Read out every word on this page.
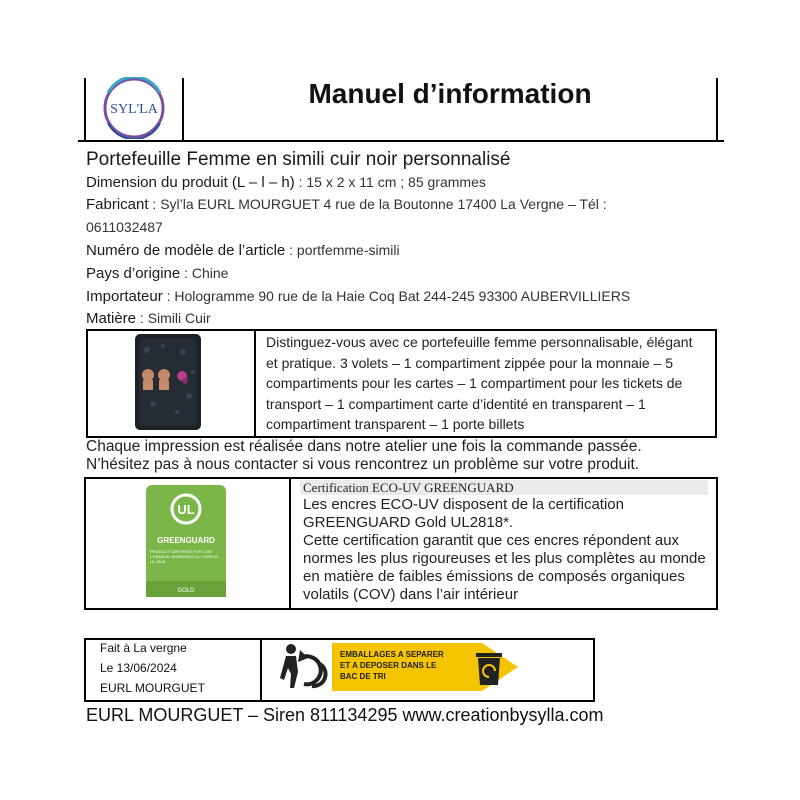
SYL'LA
Manuel d’information
Portefeuille Femme en simili cuir noir personnalisé
Dimension du produit (L – l – h) : 15 x 2 x 11 cm ; 85 grammes
Fabricant : Syl’la EURL MOURGUET 4 rue de la Boutonne 17400 La Vergne – Tél :
0611032487
Numéro de modèle de l’article : portfemme-simili
Pays d’origine : Chine
Importateur : Hologramme 90 rue de la Haie Coq Bat 244-245 93300 AUBERVILLIERS
Matière : Simili Cuir
Distinguez-vous avec ce portefeuille femme personnalisable, élégant et pratique. 3 volets – 1 compartiment zippée pour la monnaie – 5 compartiments pour les cartes – 1 compartiment pour les tickets de transport – 1 compartiment carte d’identité en transparent – 1 compartiment transparent – 1 porte billets
Chaque impression est réalisée dans notre atelier une fois la commande passée.
N’hésitez pas à nous contacter si vous rencontrez un problème sur votre produit.
UL
GREENGUARD
PRODUCT CERTIFIED FOR LOW CHEMICAL EMISSIONS UL.COM/GG UL 2818
GOLD
Certification ECO-UV GREENGUARD
Les encres ECO-UV disposent de la certification GREENGUARD Gold UL2818*.
Cette certification garantit que ces encres répondent aux normes les plus rigoureuses et les plus complètes au monde en matière de faibles émissions de composés organiques volatils (COV) dans l’air intérieur
Fait à La vergne
Le 13/06/2024
EURL MOURGUET
EMBALLAGES A SEPARER
ET A DEPOSER DANS LE
BAC DE TRI
EURL MOURGUET – Siren 811134295 www.creationbysylla.com
